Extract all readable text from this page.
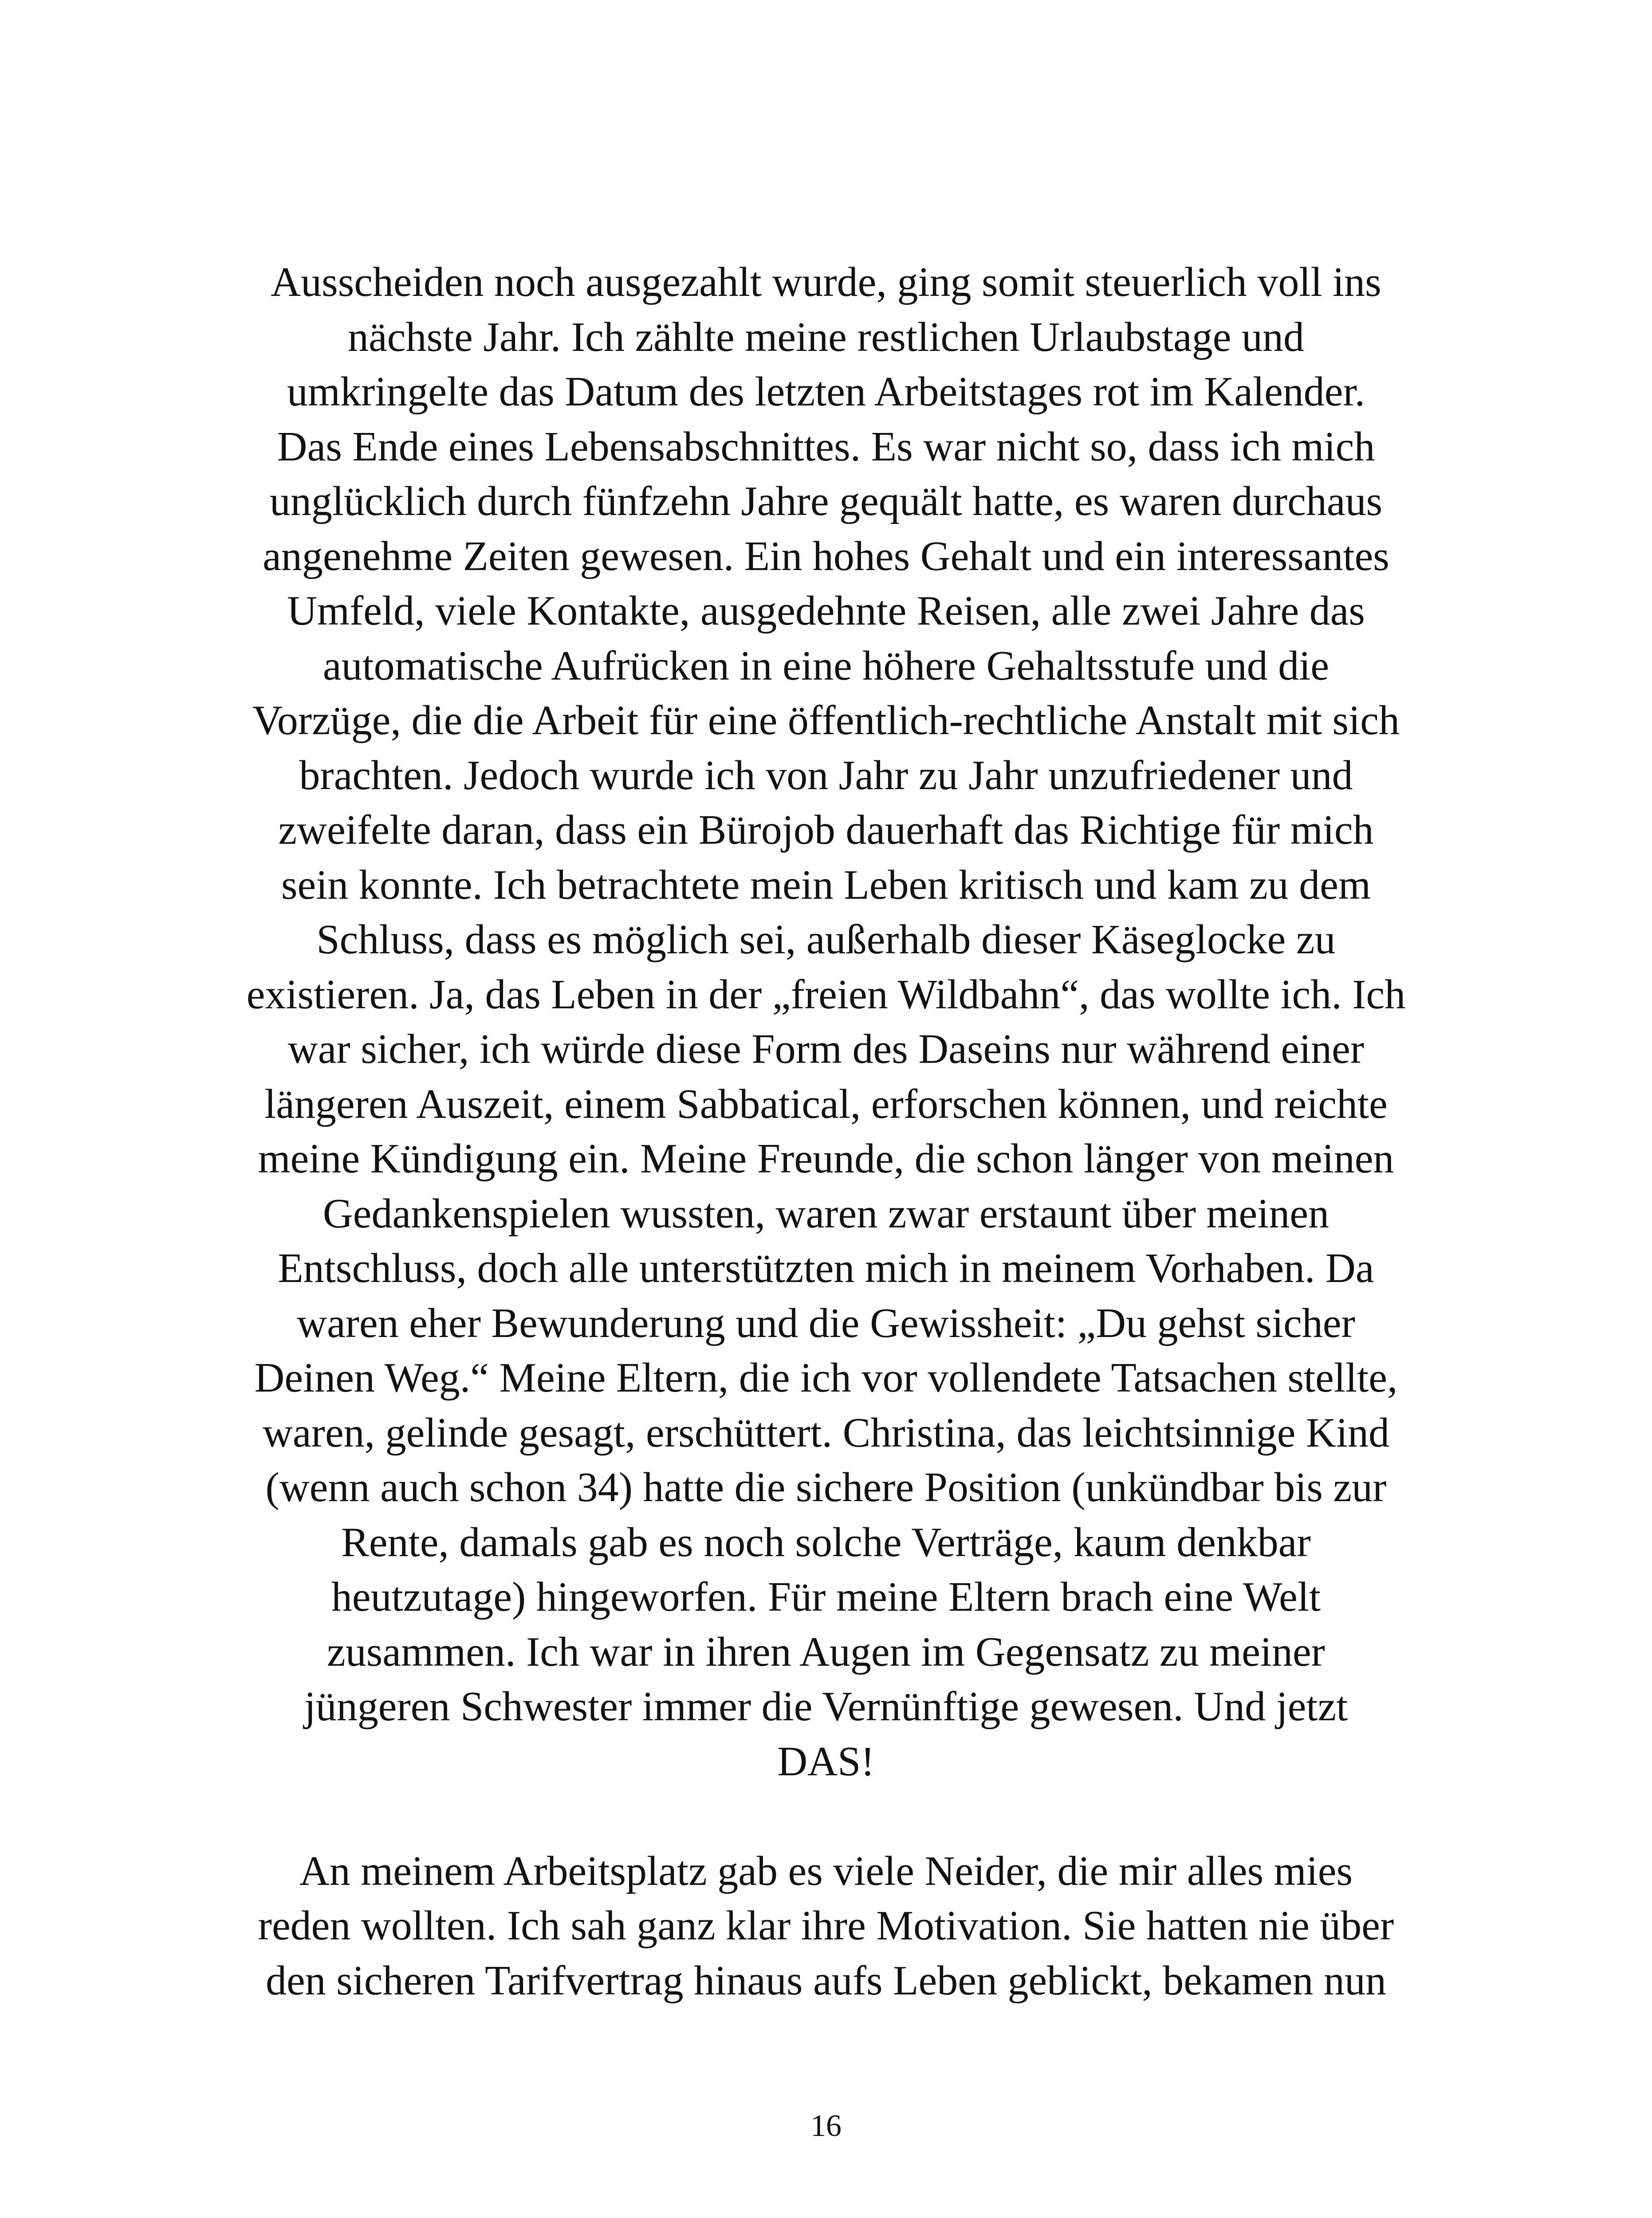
Ausscheiden noch ausgezahlt wurde, ging somit steuerlich voll ins
nächste Jahr. Ich zählte meine restlichen Urlaubstage und
umkringelte das Datum des letzten Arbeitstages rot im Kalender.
Das Ende eines Lebensabschnittes. Es war nicht so, dass ich mich
unglücklich durch fünfzehn Jahre gequält hatte, es waren durchaus
angenehme Zeiten gewesen. Ein hohes Gehalt und ein interessantes
Umfeld, viele Kontakte, ausgedehnte Reisen, alle zwei Jahre das
automatische Aufrücken in eine höhere Gehaltsstufe und die
Vorzüge, die die Arbeit für eine öffentlich-rechtliche Anstalt mit sich
brachten. Jedoch wurde ich von Jahr zu Jahr unzufriedener und
zweifelte daran, dass ein Bürojob dauerhaft das Richtige für mich
sein konnte. Ich betrachtete mein Leben kritisch und kam zu dem
Schluss, dass es möglich sei, außerhalb dieser Käseglocke zu
existieren. Ja, das Leben in der „freien Wildbahn“, das wollte ich. Ich
war sicher, ich würde diese Form des Daseins nur während einer
längeren Auszeit, einem Sabbatical, erforschen können, und reichte
meine Kündigung ein. Meine Freunde, die schon länger von meinen
Gedankenspielen wussten, waren zwar erstaunt über meinen
Entschluss, doch alle unterstützten mich in meinem Vorhaben. Da
waren eher Bewunderung und die Gewissheit: „Du gehst sicher
Deinen Weg.“ Meine Eltern, die ich vor vollendete Tatsachen stellte,
waren, gelinde gesagt, erschüttert. Christina, das leichtsinnige Kind
(wenn auch schon 34) hatte die sichere Position (unkündbar bis zur
Rente, damals gab es noch solche Verträge, kaum denkbar
heutzutage) hingeworfen. Für meine Eltern brach eine Welt
zusammen. Ich war in ihren Augen im Gegensatz zu meiner
jüngeren Schwester immer die Vernünftige gewesen. Und jetzt
DAS!
An meinem Arbeitsplatz gab es viele Neider, die mir alles mies
reden wollten. Ich sah ganz klar ihre Motivation. Sie hatten nie über
den sicheren Tarifvertrag hinaus aufs Leben geblickt, bekamen nun
16
